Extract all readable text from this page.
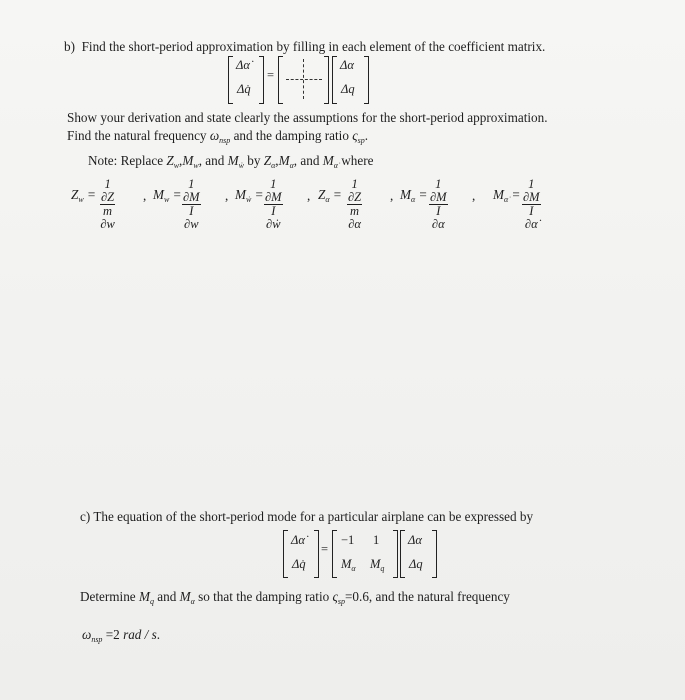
b) Find the short-period approximation by filling in each element of the coefficient matrix.
Δα̇
Δq̇
=
Δα
Δq
Show your derivation and state clearly the assumptions for the short-period approximation.
Find the natural frequency $\omega_{nsp}$ and the damping ratio $\varsigma_{sp}$.
Note: Replace $Z_w,M_w$, and $M_ẇ$ by $Z_\alpha,M_\alpha$, and $M_{\alphȧ}$ where
$Z_w = \frac{1 \partial Z}{m \partial w}$ , $M_w = \frac{1 \partial M}{I \partial w}$ , $M_ẇ = \frac{1 \partial M}{\text{I ∂ẇ}}$ , $Z_\alpha = \frac{1 \partial Z}{m \partial\alpha}$ , $M_\alpha = \frac{1 \partial M}{I \partial\alpha}$ , $M_{\alphȧ} = \frac{1 \partial M}{I \partial\alphȧ}$
c) The equation of the short-period mode for a particular airplane can be expressed by
Δα̇
Δq̇
=
−1 1
$M_\alpha$ $M_q$
Δα
Δq
Determine $M_q$ and $M_\alpha$ so that the damping ratio $\varsigma_{sp}=0.6$, and the natural frequency
$\omega_{nsp} =2$ rad / s.
